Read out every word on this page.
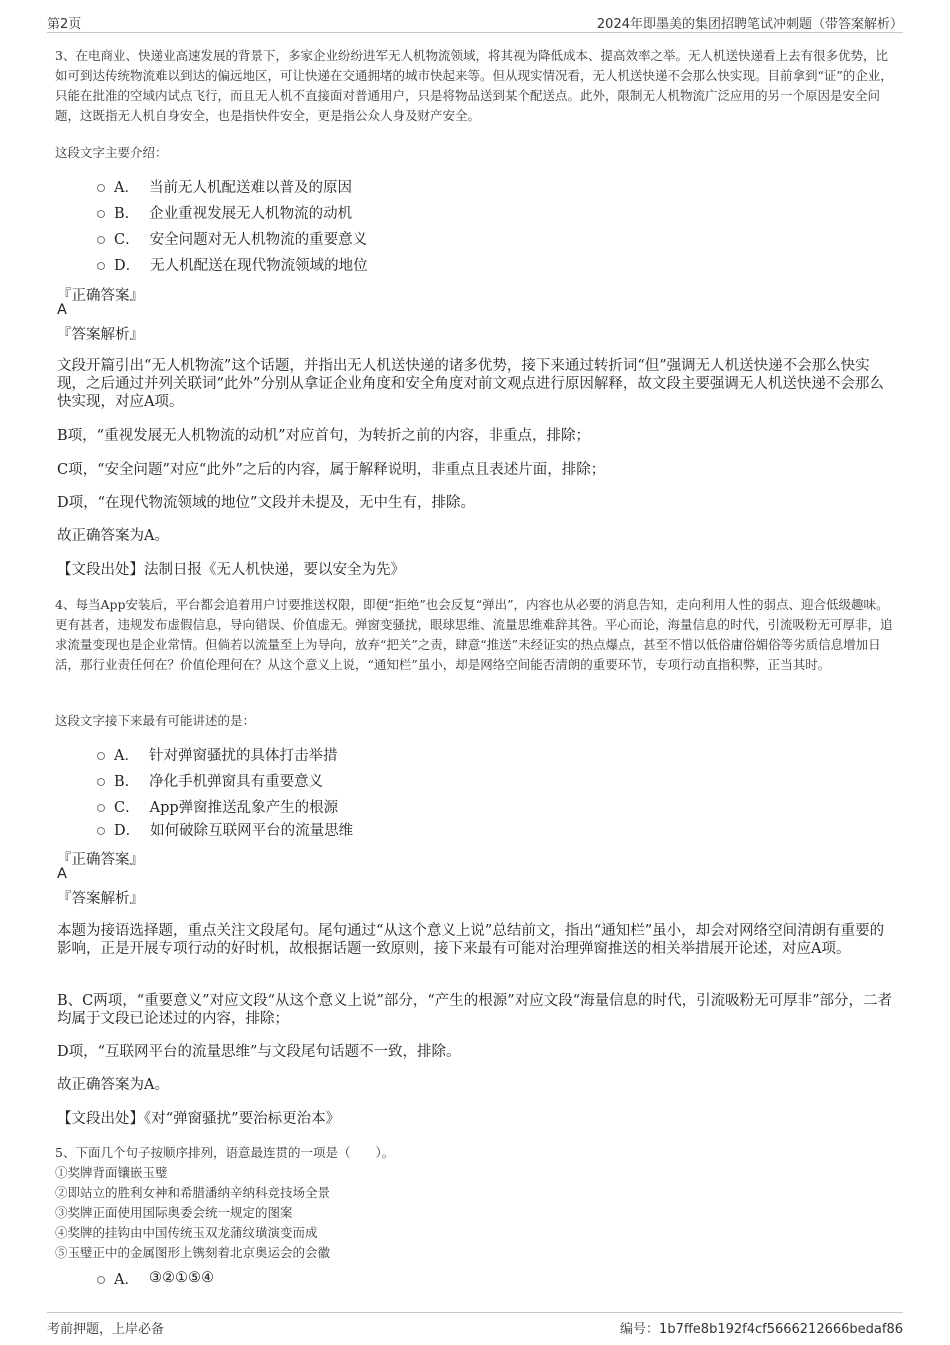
第2页	2024年即墨美的集团招聘笔试冲刺题（带答案解析）
3、在电商业、快递业高速发展的背景下，多家企业纷纷进军无人机物流领域，将其视为降低成本、提高效率之举。无人机送快递看上去有很多优势，比如可到达传统物流难以到达的偏远地区，可让快递在交通拥堵的城市快起来等。但从现实情况看，无人机送快递不会那么快实现。目前拿到“证”的企业，只能在批准的空域内试点飞行，而且无人机不直接面对普通用户，只是将物品送到某个配送点。此外，限制无人机物流广泛应用的另一个原因是安全问题，这既指无人机自身安全，也是指快件安全，更是指公众人身及财产安全。
这段文字主要介绍：
A． 当前无人机配送难以普及的原因
B． 企业重视发展无人机物流的动机
C． 安全问题对无人机物流的重要意义
D． 无人机配送在现代物流领域的地位
『正确答案』
A
『答案解析』
文段开篇引出“无人机物流”这个话题，并指出无人机送快递的诸多优势，接下来通过转折词“但”强调无人机送快递不会那么快实现，之后通过并列关联词“此外”分别从拿证企业角度和安全角度对前文观点进行原因解释，故文段主要强调无人机送快递不会那么快实现，对应A项。
B项，“重视发展无人机物流的动机”对应首句，为转折之前的内容，非重点，排除；
C项，“安全问题”对应“此外”之后的内容，属于解释说明，非重点且表述片面，排除；
D项，“在现代物流领域的地位”文段并未提及，无中生有，排除。
故正确答案为A。
【文段出处】法制日报《无人机快递，要以安全为先》
4、每当App安装后，平台都会追着用户讨要推送权限，即便“拒绝”也会反复“弹出”，内容也从必要的消息告知，走向利用人性的弱点、迎合低级趣味。更有甚者，违规发布虚假信息，导向错误、价值虚无。弹窗变骚扰，眼球思维、流量思维难辞其咎。平心而论，海量信息的时代，引流吸粉无可厚非，追求流量变现也是企业常情。但倘若以流量至上为导向，放弃“把关”之责，肆意“推送”未经证实的热点爆点，甚至不惜以低俗庸俗媚俗等劣质信息增加日活，那行业责任何在？价值伦理何在？从这个意义上说，“通知栏”虽小，却是网络空间能否清朗的重要环节，专项行动直指积弊，正当其时。
这段文字接下来最有可能讲述的是：
A． 针对弹窗骚扰的具体打击举措
B． 净化手机弹窗具有重要意义
C． App弹窗推送乱象产生的根源
D． 如何破除互联网平台的流量思维
『正确答案』
A
『答案解析』
本题为接语选择题，重点关注文段尾句。尾句通过“从这个意义上说”总结前文，指出“通知栏”虽小，却会对网络空间清朗有重要的影响，正是开展专项行动的好时机，故根据话题一致原则，接下来最有可能对治理弹窗推送的相关举措展开论述，对应A项。
B、C两项，“重要意义”对应文段“从这个意义上说”部分，“产生的根源”对应文段“海量信息的时代，引流吸粉无可厚非”部分，二者均属于文段已论述过的内容，排除；
D项，“互联网平台的流量思维”与文段尾句话题不一致，排除。
故正确答案为A。
【文段出处】《对“弹窗骚扰”要治标更治本》
5、下面几个句子按顺序排列，语意最连贯的一项是（　　）。
①奖牌背面镶嵌玉璧
②即站立的胜利女神和希腊潘纳辛纳科竞技场全景
③奖牌正面使用国际奥委会统一规定的图案
④奖牌的挂钩由中国传统玉双龙蒲纹璜演变而成
⑤玉璧正中的金属图形上镌刻着北京奥运会的会徽
A． ③②①⑤④
考前押题，上岸必备	编号：1b7ffe8b192f4cf5666212666bedaf86
